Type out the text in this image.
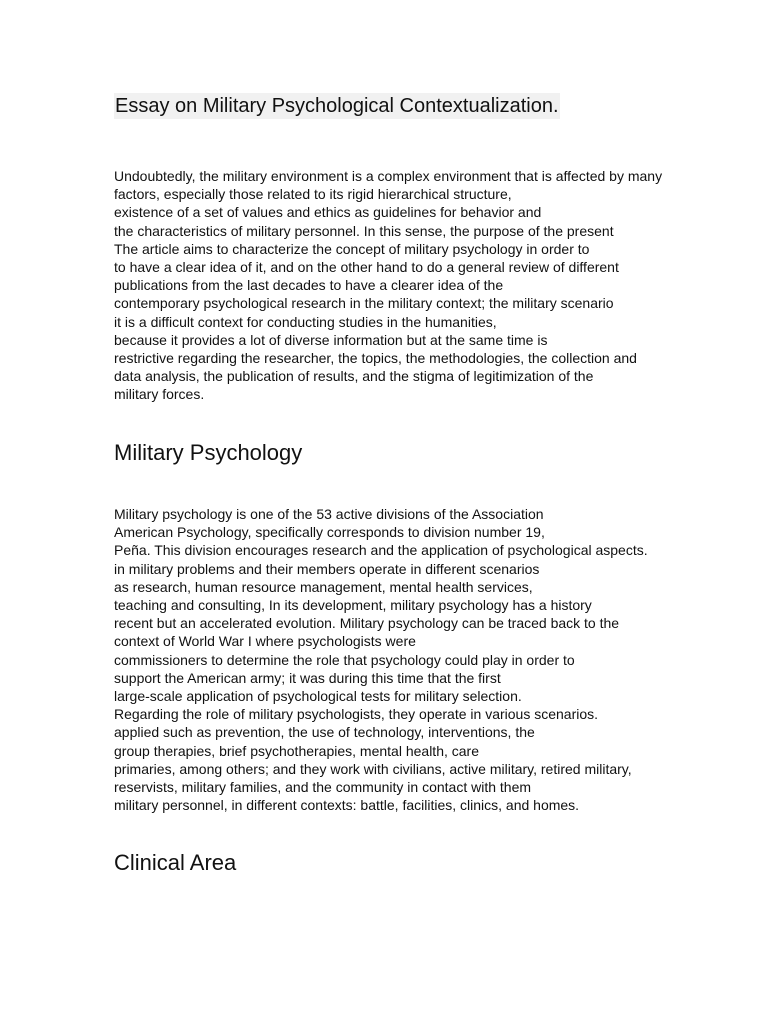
Essay on Military Psychological Contextualization.

Undoubtedly, the military environment is a complex environment that is affected by many
factors, especially those related to its rigid hierarchical structure,
existence of a set of values and ethics as guidelines for behavior and
the characteristics of military personnel. In this sense, the purpose of the present
The article aims to characterize the concept of military psychology in order to
to have a clear idea of it, and on the other hand to do a general review of different
publications from the last decades to have a clearer idea of the
contemporary psychological research in the military context; the military scenario
it is a difficult context for conducting studies in the humanities,
because it provides a lot of diverse information but at the same time is
restrictive regarding the researcher, the topics, the methodologies, the collection and
data analysis, the publication of results, and the stigma of legitimization of the
military forces.

Military Psychology

Military psychology is one of the 53 active divisions of the Association
American Psychology, specifically corresponds to division number 19,
Peña. This division encourages research and the application of psychological aspects.
in military problems and their members operate in different scenarios
as research, human resource management, mental health services,
teaching and consulting, In its development, military psychology has a history
recent but an accelerated evolution. Military psychology can be traced back to the
context of World War I where psychologists were
commissioners to determine the role that psychology could play in order to
support the American army; it was during this time that the first
large-scale application of psychological tests for military selection.
Regarding the role of military psychologists, they operate in various scenarios.
applied such as prevention, the use of technology, interventions, the
group therapies, brief psychotherapies, mental health, care
primaries, among others; and they work with civilians, active military, retired military,
reservists, military families, and the community in contact with them
military personnel, in different contexts: battle, facilities, clinics, and homes.

Clinical Area
